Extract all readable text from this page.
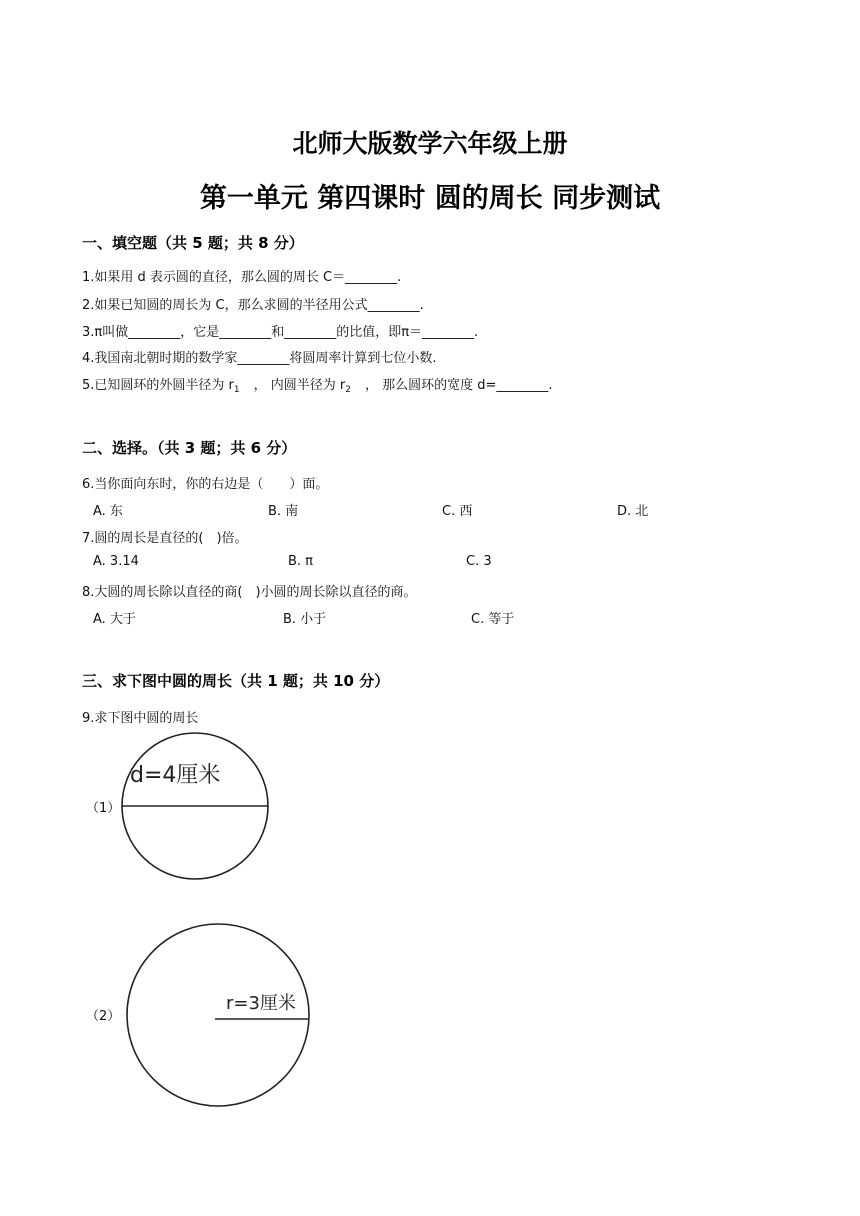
北师大版数学六年级上册
第一单元 第四课时 圆的周长 同步测试
一、填空题（共 5 题；共 8 分）
1.如果用 d 表示圆的直径，那么圆的周长 C＝________.
2.如果已知圆的周长为 C，那么求圆的半径用公式________.
3.π叫做________，它是________和________的比值，即π＝________.
4.我国南北朝时期的数学家________将圆周率计算到七位小数.
5.已知圆环的外圆半径为 $r_1$ ， 内圆半径为 $r_2$ ， 那么圆环的宽度 d=________.
二、选择。（共 3 题；共 6 分）
6.当你面向东时，你的右边是（　　）面。
A. 东	B. 南	C. 西	D. 北
7.圆的周长是直径的(　)倍。
A. 3.14	B. π	C. 3
8.大圆的周长除以直径的商(　)小圆的周长除以直径的商。
A. 大于	B. 小于	C. 等于
三、求下图中圆的周长（共 1 题；共 10 分）
9.求下图中圆的周长
（1）
d=4厘米
（2）
r=3厘米
